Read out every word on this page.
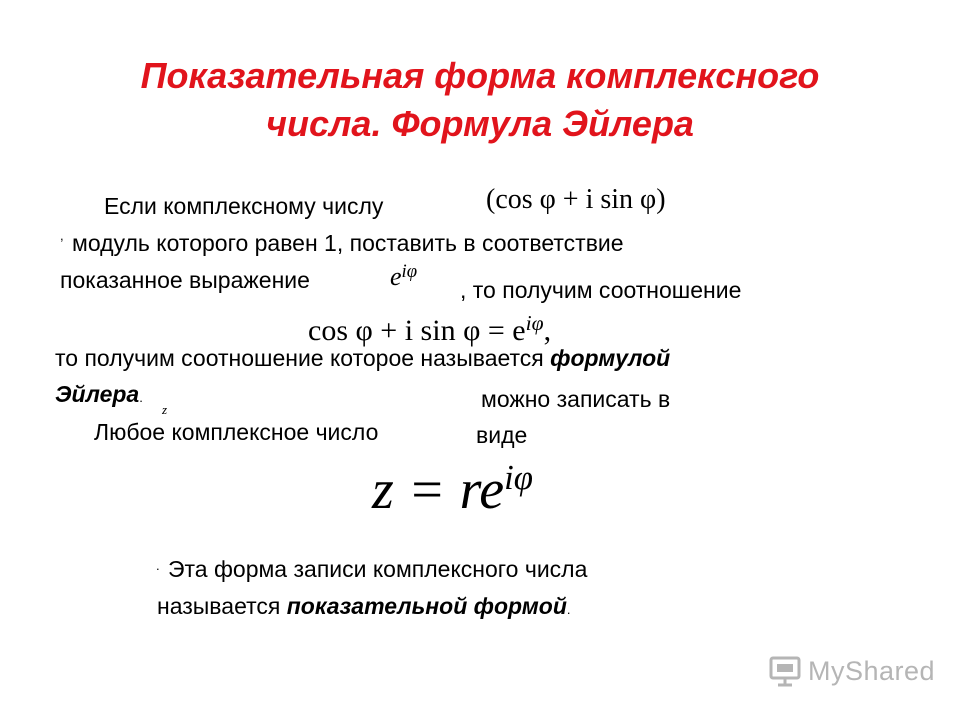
Показательная форма комплексного
числа. Формула Эйлера
Если комплексному числу	(cos φ + i sin φ)
, модуль которого равен 1, поставить в соответствие
показанное выражение	$e^{i\varphi}$
, то получим соотношение
cos φ + i $\sin \varphi = e^{i\varphi}$,
то получим соотношение которое называется формулой
Эйлера.
z
Любое комплексное число
можно записать в
виде
$z = re^{i\varphi}$
. Эта форма записи комплексного числа
называется показательной формой.
MyShared
